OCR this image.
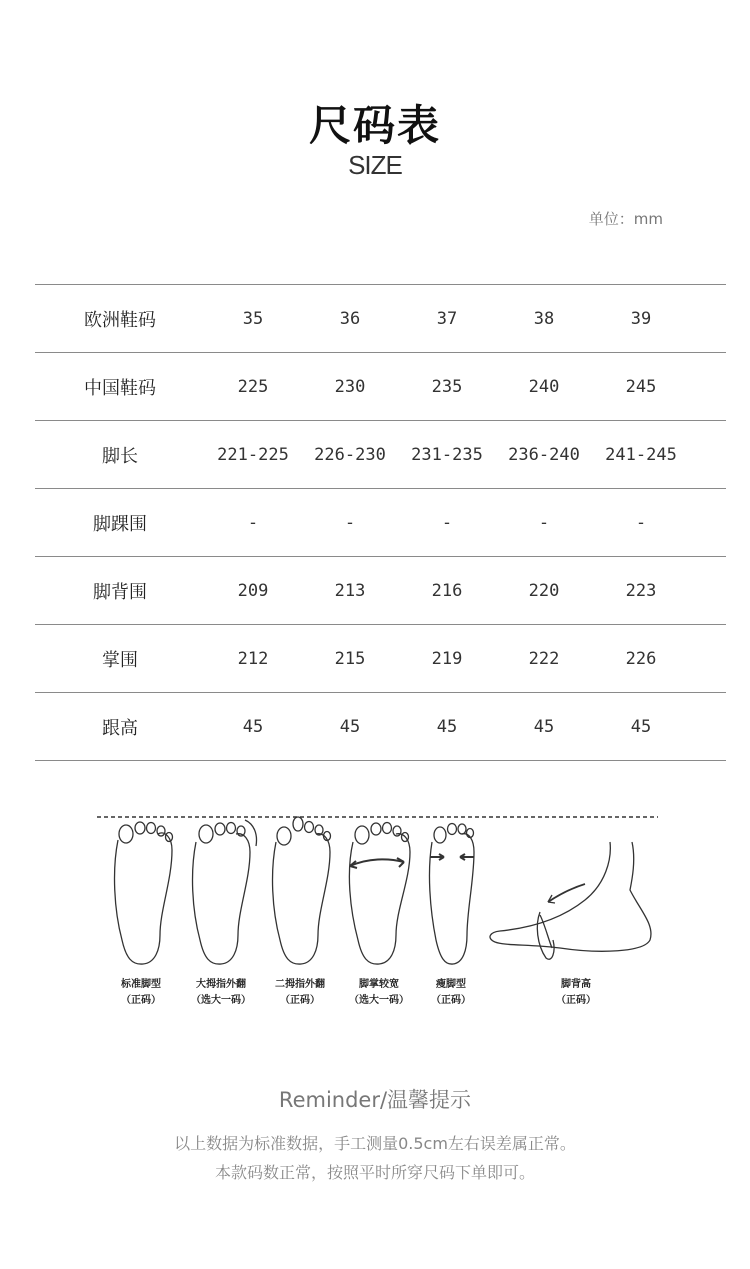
尺码表
SIZE
单位：mm
欧洲鞋码	35	36	37	38	39
中国鞋码	225	230	235	240	245
脚长	221-225	226-230	231-235	236-240	241-245
脚踝围	-	-	-	-	-
脚背围	209	213	216	220	223
掌围	212	215	219	222	226
跟高	45	45	45	45	45
标准脚型
（正码）
大拇指外翻
（选大一码）
二拇指外翻
（正码）
脚掌较宽
（选大一码）
瘦脚型
（正码）
脚背高
（正码）
Reminder/温馨提示
以上数据为标准数据，手工测量0.5cm左右误差属正常。
本款码数正常，按照平时所穿尺码下单即可。
